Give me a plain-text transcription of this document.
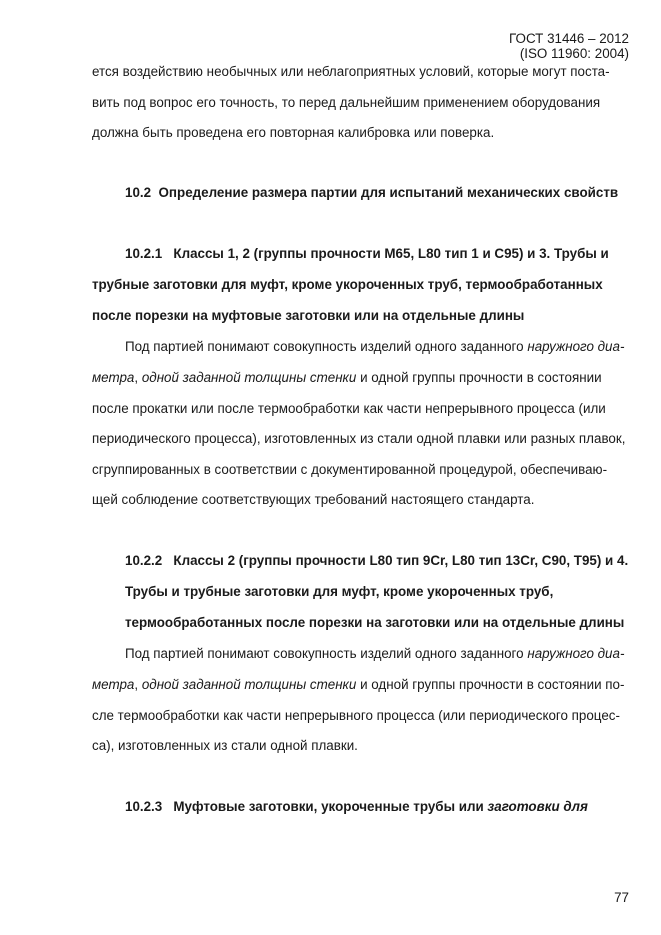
ГОСТ 31446 – 2012
(ISO 11960: 2004)
ется воздействию необычных или неблагоприятных условий, которые могут поста-
вить под вопрос его точность, то перед дальнейшим применением оборудования
должна быть проведена его повторная калибровка или поверка.
10.2 Определение размера партии для испытаний механических свойств
10.2.1 Классы 1, 2 (группы прочности М65, L80 тип 1 и С95) и 3. Трубы и
трубные заготовки для муфт, кроме укороченных труб, термообработанных
после порезки на муфтовые заготовки или на отдельные длины
Под партией понимают совокупность изделий одного заданного наружного диа-
метра, одной заданной толщины стенки и одной группы прочности в состоянии
после прокатки или после термообработки как части непрерывного процесса (или
периодического процесса), изготовленных из стали одной плавки или разных плавок,
сгруппированных в соответствии с документированной процедурой, обеспечиваю-
щей соблюдение соответствующих требований настоящего стандарта.
10.2.2 Классы 2 (группы прочности L80 тип 9Cr, L80 тип 13Cr, С90, Т95) и 4.
Трубы и трубные заготовки для муфт, кроме укороченных труб,
термообработанных после порезки на заготовки или на отдельные длины
Под партией понимают совокупность изделий одного заданного наружного диа-
метра, одной заданной толщины стенки и одной группы прочности в состоянии по-
сле термообработки как части непрерывного процесса (или периодического процес-
са), изготовленных из стали одной плавки.
10.2.3 Муфтовые заготовки, укороченные трубы или заготовки для
77
